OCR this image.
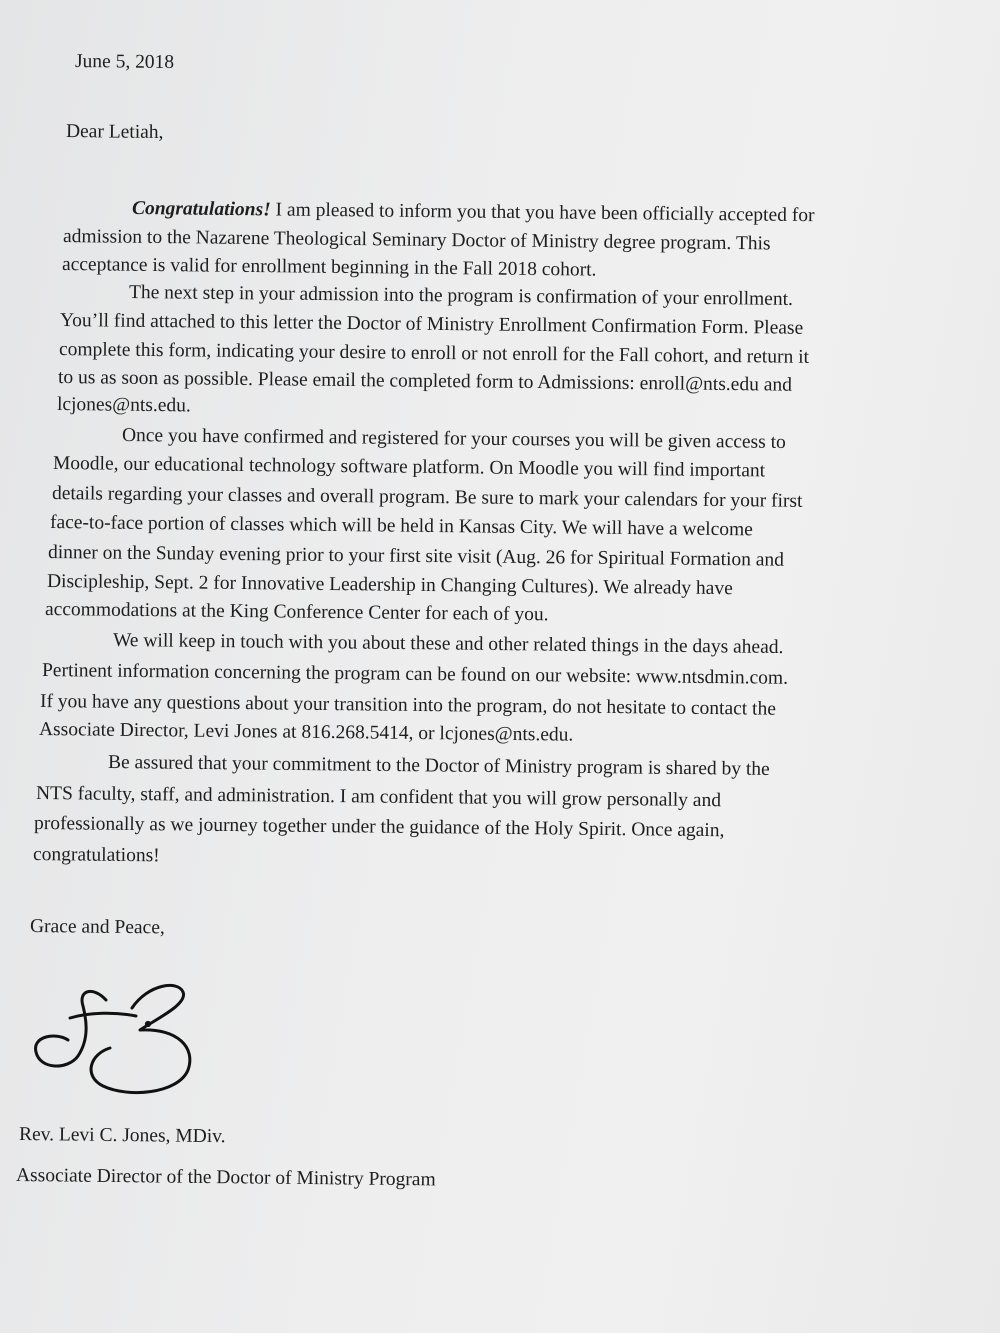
June 5, 2018

Dear Letiah,

Congratulations! I am pleased to inform you that you have been officially accepted for

admission to the Nazarene Theological Seminary Doctor of Ministry degree program. This

acceptance is valid for enrollment beginning in the Fall 2018 cohort.

The next step in your admission into the program is confirmation of your enrollment.

You’ll find attached to this letter the Doctor of Ministry Enrollment Confirmation Form. Please

complete this form, indicating your desire to enroll or not enroll for the Fall cohort, and return it

to us as soon as possible. Please email the completed form to Admissions: enroll@nts.edu and

lcjones@nts.edu.

Once you have confirmed and registered for your courses you will be given access to

Moodle, our educational technology software platform. On Moodle you will find important

details regarding your classes and overall program. Be sure to mark your calendars for your first

face-to-face portion of classes which will be held in Kansas City. We will have a welcome

dinner on the Sunday evening prior to your first site visit (Aug. 26 for Spiritual Formation and

Discipleship, Sept. 2 for Innovative Leadership in Changing Cultures). We already have

accommodations at the King Conference Center for each of you.

We will keep in touch with you about these and other related things in the days ahead.

Pertinent information concerning the program can be found on our website: www.ntsdmin.com.

If you have any questions about your transition into the program, do not hesitate to contact the

Associate Director, Levi Jones at 816.268.5414, or lcjones@nts.edu.

Be assured that your commitment to the Doctor of Ministry program is shared by the

NTS faculty, staff, and administration. I am confident that you will grow personally and

professionally as we journey together under the guidance of the Holy Spirit. Once again,

congratulations!

Grace and Peace,

Rev. Levi C. Jones, MDiv.

Associate Director of the Doctor of Ministry Program
